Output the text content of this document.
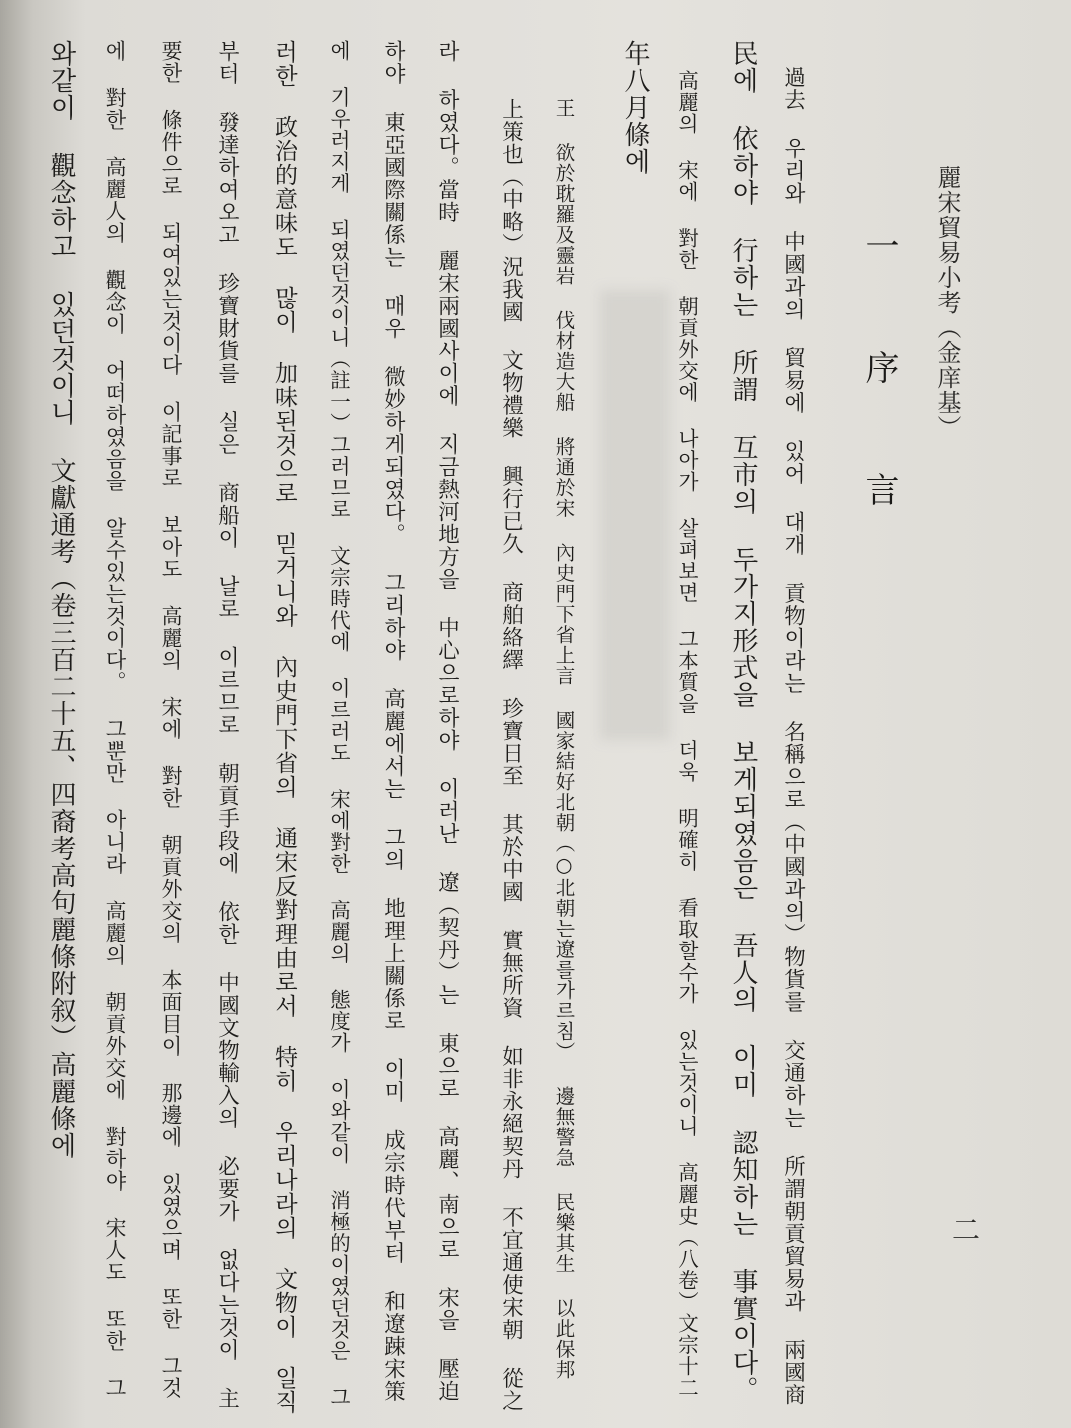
麗宋貿易小考（金庠基）
二
一 序 言
過去 우리와 中國과의 貿易에 있어 대개 貢物이라는 名稱으로（中國과의）物貨를 交通하는 所謂朝貢貿易과 兩國商
民에 依하야 行하는 所謂 互市의 두가지形式을 보게되였음은 吾人의 이미 認知하는 事實이다。
高麗의 宋에 對한 朝貢外交에 나아가 살펴보면 그本質을 더욱 明確히 看取할수가 있는것이니 高麗史（八卷）文宗十二
年八月條에
王 欲於耽羅及靈岩 伐材造大船 將通於宋 內史門下省上言 國家結好北朝（○北朝는遼를가르침） 邊無警急 民樂其生 以此保邦
上策也（中略）況我國 文物禮樂 興行已久 商舶絡繹 珍寶日至 其於中國 實無所資 如非永絕契丹 不宜通使宋朝 從之
라 하였다。當時 麗宋兩國사이에 지금熱河地方을 中心으로하야 이러난 遼（契丹）는 東으로 高麗、南으로 宋을 壓迫
하야 東亞國際關係는 매우 微妙하게되였다。 그리하야 高麗에서는 그의 地理上關係로 이미 成宗時代부터 和遼踈宋策
에 기우러지게 되였던것이니（註一）그러므로 文宗時代에 이르러도 宋에對한 高麗의 態度가 이와같이 消極的이였던것은 그
러한 政治的意味도 많이 加味된것으로 믿거니와 內史門下省의 通宋反對理由로서 特히 우리나라의 文物이 일직
부터 發達하여오고 珍寶財貨를 실은 商船이 날로 이르므로 朝貢手段에 依한 中國文物輸入의 必要가 없다는것이 主
要한 條件으로 되여있는것이다 이記事로 보아도 高麗의 宋에 對한 朝貢外交의 本面目이 那邊에 있였으며 또한 그것
에 對한 高麗人의 觀念이 어떠하였음을 알수있는것이다。 그뿐만 아니라 高麗의 朝貢外交에 對하야 宋人도 또한 그
와같이 觀念하고 있던것이니 文獻通考（卷三百二十五、四裔考高句麗條附叙）高麗條에
